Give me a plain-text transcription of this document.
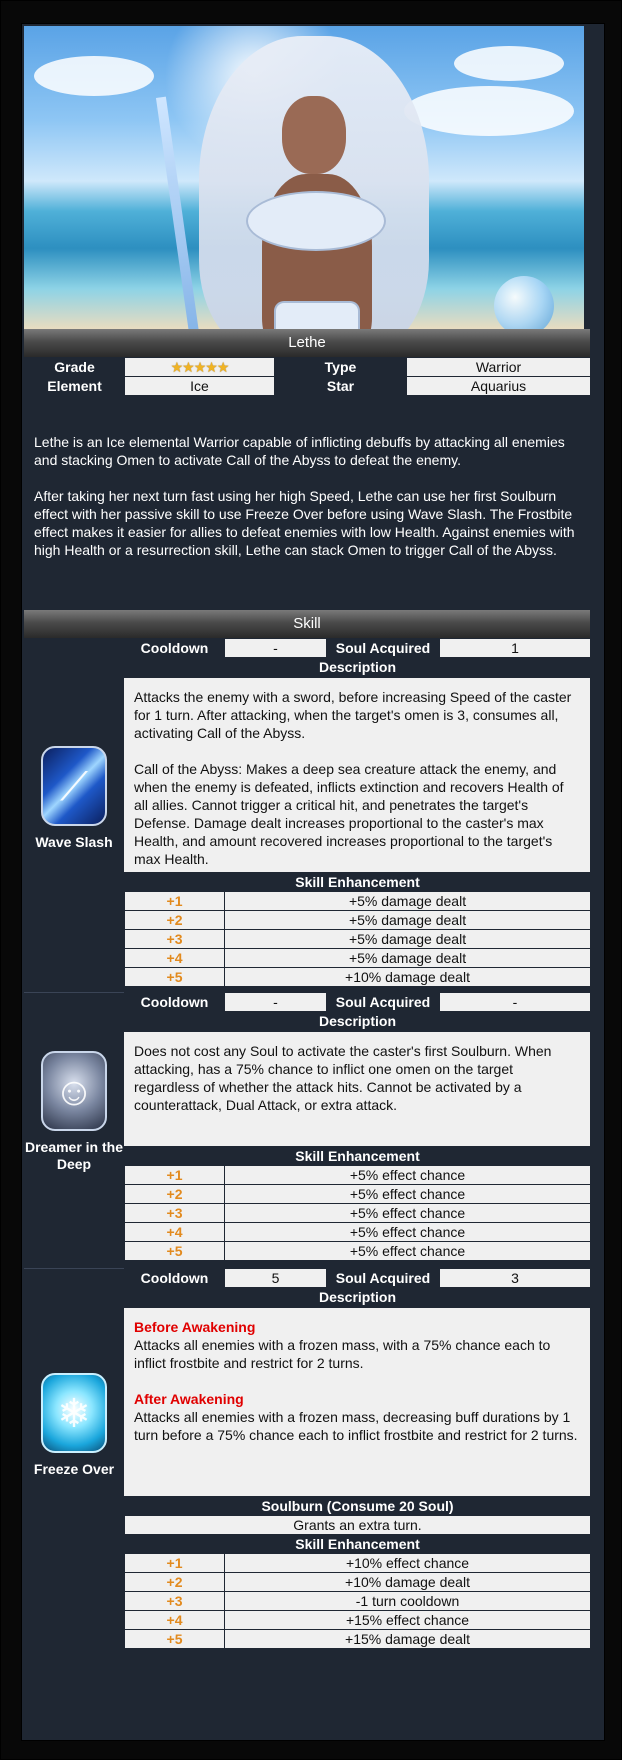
Lethe
Grade	★★★★★	Type	Warrior
Element	Ice	Star	Aquarius

Lethe is an Ice elemental Warrior capable of inflicting debuffs by attacking all enemies and stacking Omen to activate Call of the Abyss to defeat the enemy.

After taking her next turn fast using her high Speed, Lethe can use her first Soulburn effect with her passive skill to use Freeze Over before using Wave Slash. The Frostbite effect makes it easier for allies to defeat enemies with low Health. Against enemies with high Health or a resurrection skill, Lethe can stack Omen to trigger Call of the Abyss.

Skill
⟋
Wave Slash
Cooldown	-	Soul Acquired	1
Description

Attacks the enemy with a sword, before increasing Speed of the caster for 1 turn. After attacking, when the target's omen is 3, consumes all, activating Call of the Abyss.

Call of the Abyss: Makes a deep sea creature attack the enemy, and when the enemy is defeated, inflicts extinction and recovers Health of all allies. Cannot trigger a critical hit, and penetrates the target's Defense. Damage dealt increases proportional to the caster's max Health, and amount recovered increases proportional to the target's max Health.

Skill Enhancement	
+1	+5% damage dealt
+2	+5% damage dealt
+3	+5% damage dealt
+4	+5% damage dealt
+5	+10% damage dealt
☺
Dreamer in the Deep
Cooldown	-	Soul Acquired	-
Description

Does not cost any Soul to activate the caster's first Soulburn. When attacking, has a 75% chance to inflict one omen on the target regardless of whether the attack hits. Cannot be activated by a counterattack, Dual Attack, or extra attack.

Skill Enhancement	
+1	+5% effect chance
+2	+5% effect chance
+3	+5% effect chance
+4	+5% effect chance
+5	+5% effect chance
❄
Freeze Over
Cooldown	5	Soul Acquired	3
Description

Before Awakening
Attacks all enemies with a frozen mass, with a 75% chance each to inflict frostbite and restrict for 2 turns.

After Awakening
Attacks all enemies with a frozen mass, decreasing buff durations by 1 turn before a 75% chance each to inflict frostbite and restrict for 2 turns.

Soulburn (Consume 20 Soul)	
Grants an extra turn.	
Skill Enhancement	
+1	+10% effect chance
+2	+10% damage dealt
+3	-1 turn cooldown
+4	+15% effect chance
+5	+15% damage dealt
